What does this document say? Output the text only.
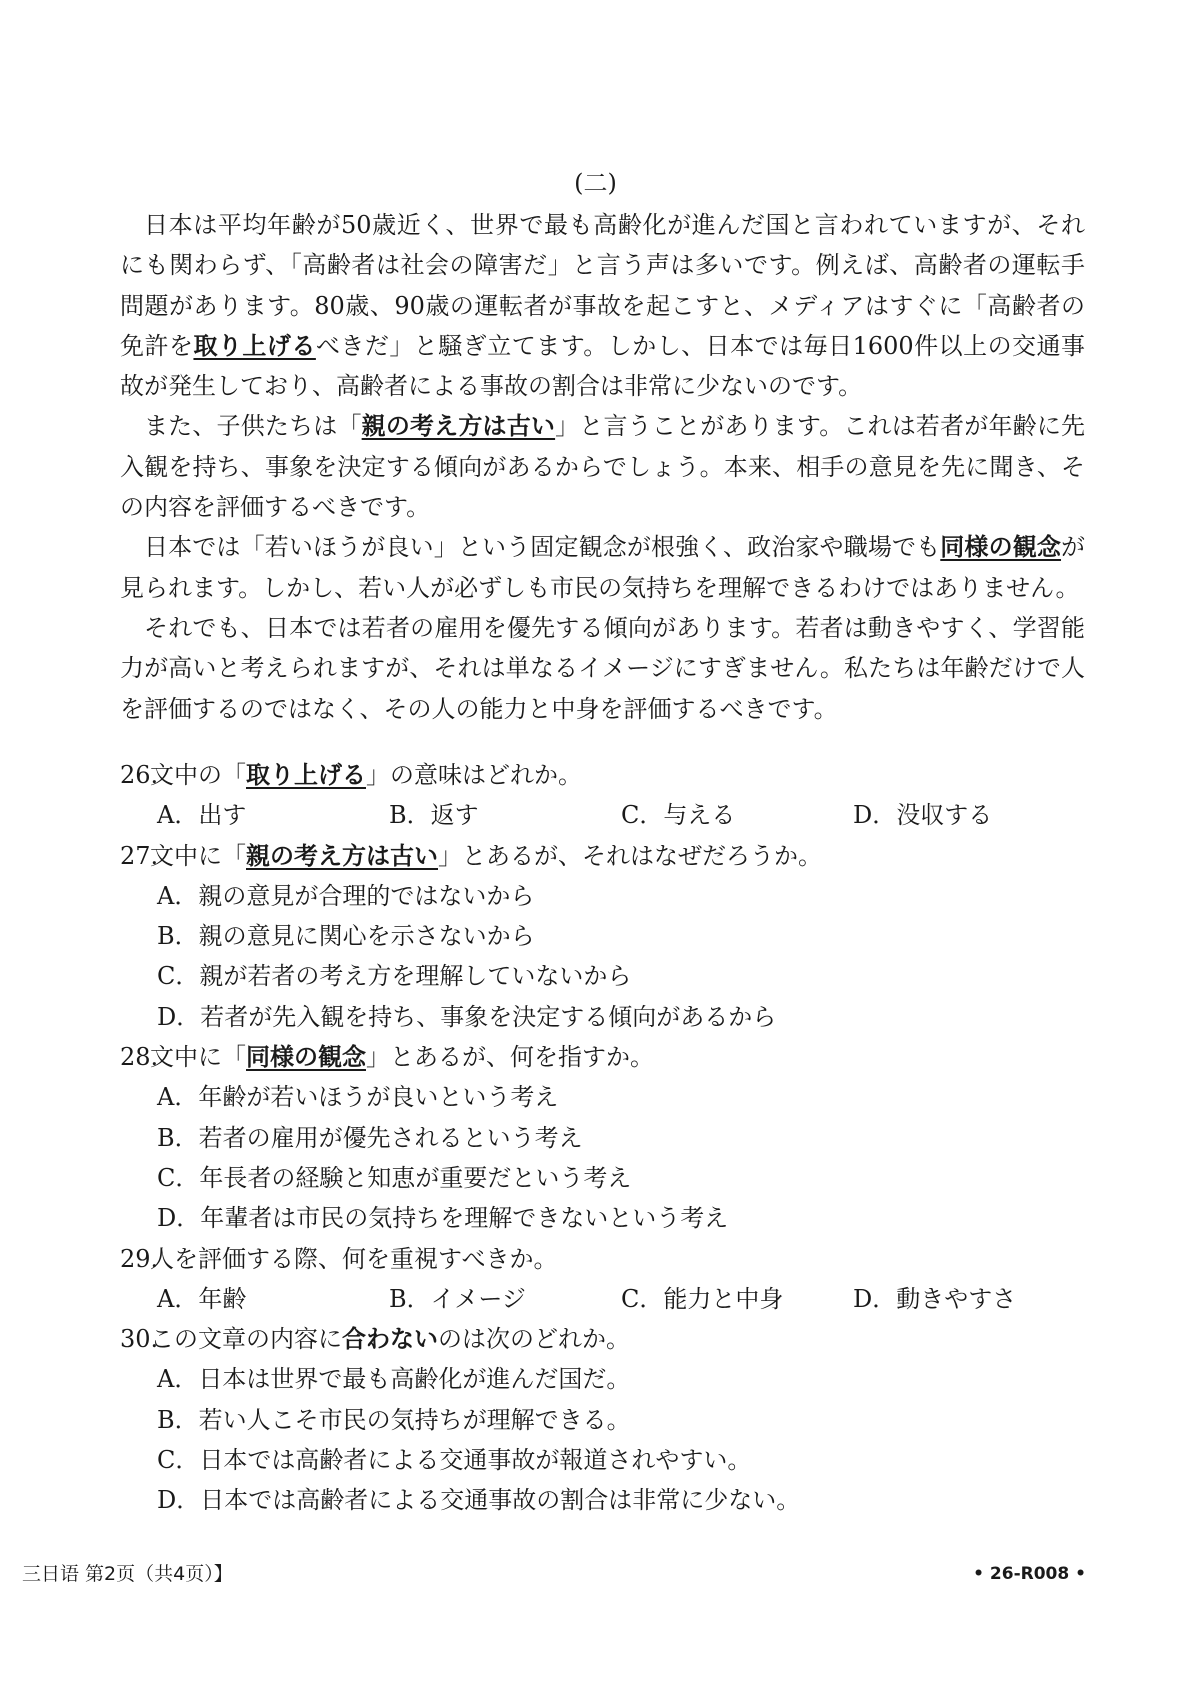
(二)

日本は平均年齢が50歳近く、世界で最も高齢化が進んだ国と言われていますが、それにも関わらず、「高齢者は社会の障害だ」と言う声は多いです。例えば、高齢者の運転手問題があります。80歳、90歳の運転者が事故を起こすと、メディアはすぐに「高齢者の免許を取り上げるべきだ」と騒ぎ立てます。しかし、日本では毎日1600件以上の交通事故が発生しており、高齢者による事故の割合は非常に少ないのです。

また、子供たちは「親の考え方は古い」と言うことがあります。これは若者が年齢に先入観を持ち、事象を決定する傾向があるからでしょう。本来、相手の意見を先に聞き、その内容を評価するべきです。

日本では「若いほうが良い」という固定観念が根強く、政治家や職場でも同様の観念が見られます。しかし、若い人が必ずしも市民の気持ちを理解できるわけではありません。

それでも、日本では若者の雇用を優先する傾向があります。若者は動きやすく、学習能力が高いと考えられますが、それは単なるイメージにすぎません。私たちは年齢だけで人を評価するのではなく、その人の能力と中身を評価するべきです。

26.文中の「取り上げる」の意味はどれか。
A．出す	B．返す	C．与える	D．没収する
27.文中に「親の考え方は古い」とあるが、それはなぜだろうか。
A．親の意見が合理的ではないから
B．親の意見に関心を示さないから
C．親が若者の考え方を理解していないから
D．若者が先入観を持ち、事象を決定する傾向があるから
28.文中に「同様の観念」とあるが、何を指すか。
A．年齢が若いほうが良いという考え
B．若者の雇用が優先されるという考え
C．年長者の経験と知恵が重要だという考え
D．年輩者は市民の気持ちを理解できないという考え
29.人を評価する際、何を重視すべきか。
A．年齢	B．イメージ	C．能力と中身	D．動きやすさ
30.この文章の内容に合わないのは次のどれか。
A．日本は世界で最も高齢化が進んだ国だ。
B．若い人こそ市民の気持ちが理解できる。
C．日本では高齢者による交通事故が報道されやすい。
D．日本では高齢者による交通事故の割合は非常に少ない。
三日语 第2页（共4页）】	• 26-R008 •
